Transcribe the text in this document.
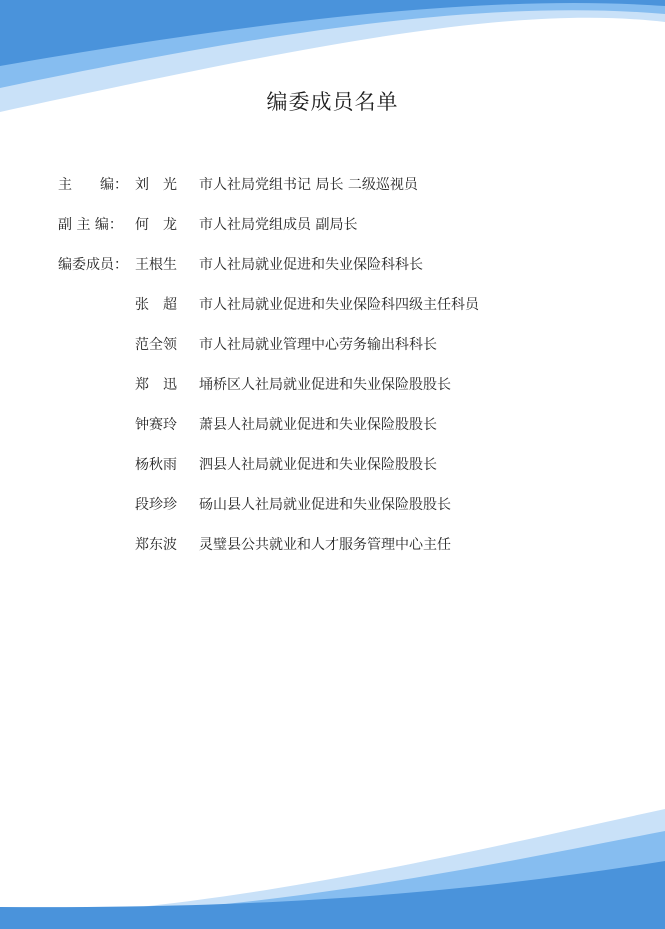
编委成员名单
主　　编： 刘　光	市人社局党组书记 局长 二级巡视员
副 主 编： 何　龙	市人社局党组成员 副局长
编委成员： 王根生	市人社局就业促进和失业保险科科长
张　超	市人社局就业促进和失业保险科四级主任科员
范全领	市人社局就业管理中心劳务输出科科长
郑　迅	埇桥区人社局就业促进和失业保险股股长
钟赛玲	萧县人社局就业促进和失业保险股股长
杨秋雨	泗县人社局就业促进和失业保险股股长
段珍珍	砀山县人社局就业促进和失业保险股股长
郑东波	灵璧县公共就业和人才服务管理中心主任
